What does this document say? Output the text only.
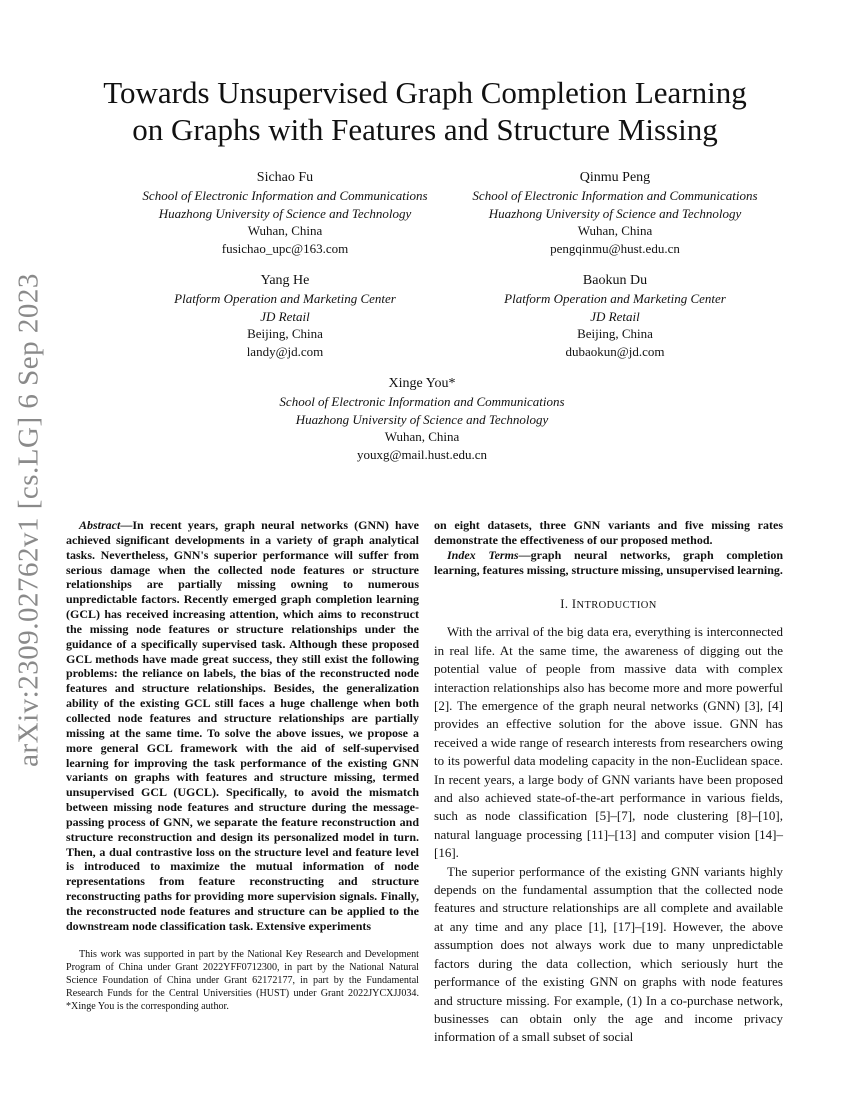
arXiv:2309.02762v1 [cs.LG] 6 Sep 2023
Towards Unsupervised Graph Completion Learning
on Graphs with Features and Structure Missing
Sichao Fu
School of Electronic Information and Communications
Huazhong University of Science and Technology
Wuhan, China
fusichao_upc@163.com
Qinmu Peng
School of Electronic Information and Communications
Huazhong University of Science and Technology
Wuhan, China
pengqinmu@hust.edu.cn
Yang He
Platform Operation and Marketing Center
JD Retail
Beijing, China
landy@jd.com
Baokun Du
Platform Operation and Marketing Center
JD Retail
Beijing, China
dubaokun@jd.com
Xinge You*
School of Electronic Information and Communications
Huazhong University of Science and Technology
Wuhan, China
youxg@mail.hust.edu.cn

Abstract—In recent years, graph neural networks (GNN) have achieved significant developments in a variety of graph analytical tasks. Nevertheless, GNN's superior performance will suffer from serious damage when the collected node features or structure relationships are partially missing owning to numerous unpredictable factors. Recently emerged graph completion learning (GCL) has received increasing attention, which aims to reconstruct the missing node features or structure relationships under the guidance of a specifically supervised task. Although these proposed GCL methods have made great success, they still exist the following problems: the reliance on labels, the bias of the reconstructed node features and structure relationships. Besides, the generalization ability of the existing GCL still faces a huge challenge when both collected node features and structure relationships are partially missing at the same time. To solve the above issues, we propose a more general GCL framework with the aid of self-supervised learning for improving the task performance of the existing GNN variants on graphs with features and structure missing, termed unsupervised GCL (UGCL). Specifically, to avoid the mismatch between missing node features and structure during the message-passing process of GNN, we separate the feature reconstruction and structure reconstruction and design its personalized model in turn. Then, a dual contrastive loss on the structure level and feature level is introduced to maximize the mutual information of node representations from feature reconstructing and structure reconstructing paths for providing more supervision signals. Finally, the reconstructed node features and structure can be applied to the downstream node classification task. Extensive experiments

This work was supported in part by the National Key Research and Development Program of China under Grant 2022YFF0712300, in part by the National Natural Science Foundation of China under Grant 62172177, in part by the Fundamental Research Funds for the Central Universities (HUST) under Grant 2022JYCXJJ034. *Xinge You is the corresponding author.

on eight datasets, three GNN variants and five missing rates demonstrate the effectiveness of our proposed method.

Index Terms—graph neural networks, graph completion learning, features missing, structure missing, unsupervised learning.

I. INTRODUCTION

With the arrival of the big data era, everything is interconnected in real life. At the same time, the awareness of digging out the potential value of people from massive data with complex interaction relationships also has become more and more powerful [2]. The emergence of the graph neural networks (GNN) [3], [4] provides an effective solution for the above issue. GNN has received a wide range of research interests from researchers owing to its powerful data modeling capacity in the non-Euclidean space. In recent years, a large body of GNN variants have been proposed and also achieved state-of-the-art performance in various fields, such as node classification [5]–[7], node clustering [8]–[10], natural language processing [11]–[13] and computer vision [14]–[16].

The superior performance of the existing GNN variants highly depends on the fundamental assumption that the collected node features and structure relationships are all complete and available at any time and any place [1], [17]–[19]. However, the above assumption does not always work due to many unpredictable factors during the data collection, which seriously hurt the performance of the existing GNN on graphs with node features and structure missing. For example, (1) In a co-purchase network, businesses can obtain only the age and income privacy information of a small subset of social
